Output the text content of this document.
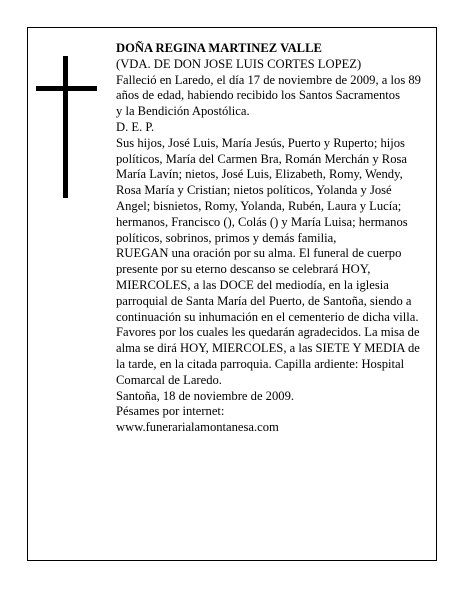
DOÑA REGINA MARTINEZ VALLE

(VDA. DE DON JOSE LUIS CORTES LOPEZ)

Falleció en Laredo, el día 17 de noviembre de 2009, a los 89 años de edad, habiendo recibido los Santos Sacramentos

y la Bendición Apostólica.

D. E. P.

Sus hijos, José Luis, María Jesús, Puerto y Ruperto; hijos políticos, María del Carmen Bra, Román Merchán y Rosa María Lavín; nietos, José Luis, Elizabeth, Romy, Wendy, Rosa María y Cristian; nietos políticos, Yolanda y José Angel; bisnietos, Romy, Yolanda, Rubén, Laura y Lucía; hermanos, Francisco (), Colás () y María Luisa; hermanos políticos, sobrinos, primos y demás familia,

RUEGAN una oración por su alma. El funeral de cuerpo presente por su eterno descanso se celebrará HOY, MIERCOLES, a las DOCE del mediodía, en la iglesia parroquial de Santa María del Puerto, de Santoña, siendo a continuación su inhumación en el cementerio de dicha villa. Favores por los cuales les quedarán agradecidos. La misa de alma se dirá HOY, MIERCOLES, a las SIETE Y MEDIA de la tarde, en la citada parroquia. Capilla ardiente: Hospital Comarcal de Laredo.

Santoña, 18 de noviembre de 2009.

Pésames por internet:

www.funerarialamontanesa.com
